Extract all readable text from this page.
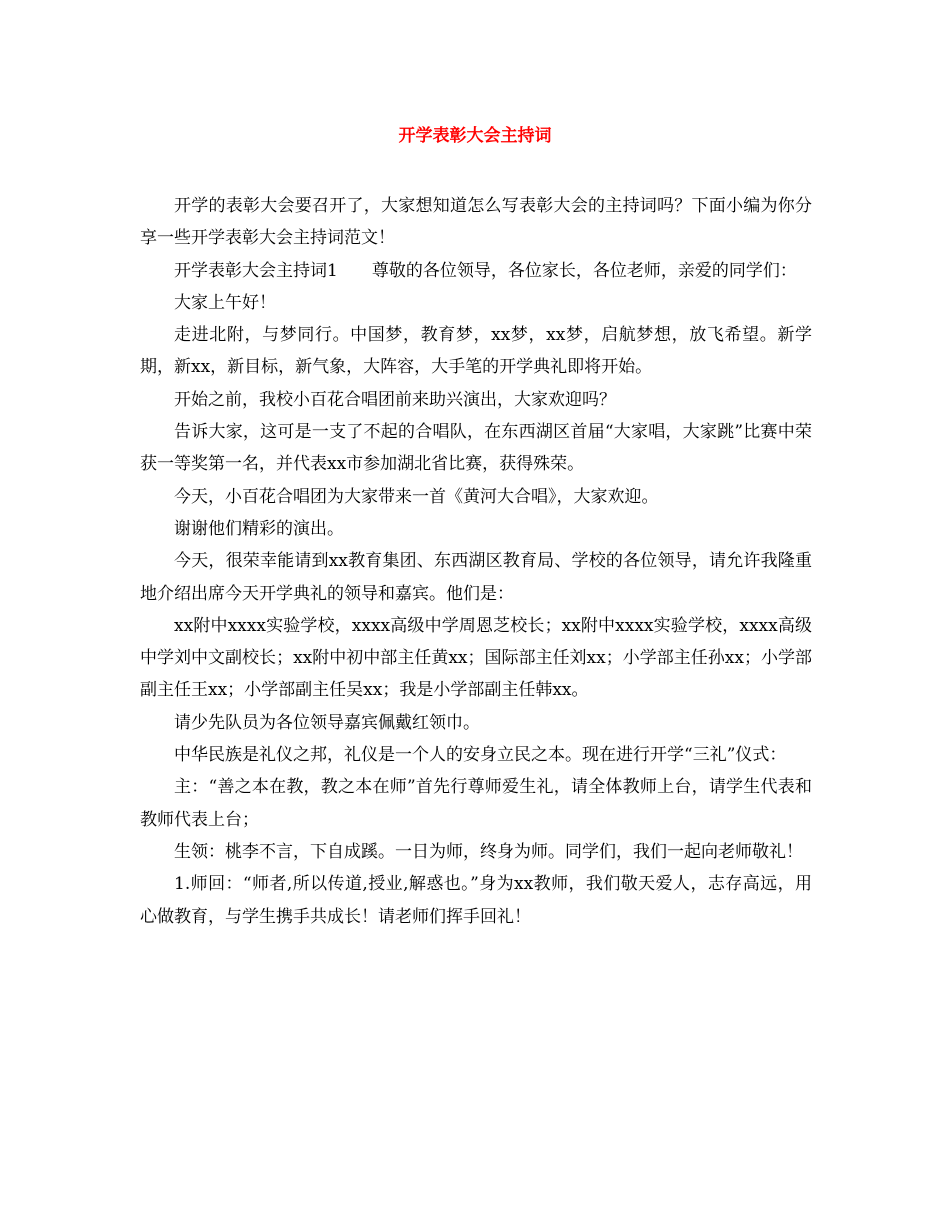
开学表彰大会主持词

开学的表彰大会要召开了，大家想知道怎么写表彰大会的主持词吗？下面小编为你分享一些开学表彰大会主持词范文！

开学表彰大会主持词1　　尊敬的各位领导，各位家长，各位老师，亲爱的同学们：

大家上午好！

走进北附，与梦同行。中国梦，教育梦，xx梦，xx梦，启航梦想，放飞希望。新学期，新xx，新目标，新气象，大阵容，大手笔的开学典礼即将开始。

开始之前，我校小百花合唱团前来助兴演出，大家欢迎吗？

告诉大家，这可是一支了不起的合唱队，在东西湖区首届“大家唱，大家跳”比赛中荣获一等奖第一名，并代表xx市参加湖北省比赛，获得殊荣。

今天，小百花合唱团为大家带来一首《黄河大合唱》，大家欢迎。

谢谢他们精彩的演出。

今天，很荣幸能请到xx教育集团、东西湖区教育局、学校的各位领导，请允许我隆重地介绍出席今天开学典礼的领导和嘉宾。他们是：

xx附中xxxx实验学校，xxxx高级中学周恩芝校长；xx附中xxxx实验学校，xxxx高级中学刘中文副校长；xx附中初中部主任黄xx；国际部主任刘xx；小学部主任孙xx；小学部副主任王xx；小学部副主任吴xx；我是小学部副主任韩xx。

请少先队员为各位领导嘉宾佩戴红领巾。

中华民族是礼仪之邦，礼仪是一个人的安身立民之本。现在进行开学“三礼”仪式：

主：“善之本在教，教之本在师”首先行尊师爱生礼，请全体教师上台，请学生代表和教师代表上台；

生领：桃李不言，下自成蹊。一日为师，终身为师。同学们，我们一起向老师敬礼！

1.师回：“师者,所以传道,授业,解惑也。”身为xx教师，我们敬天爱人，志存高远，用心做教育，与学生携手共成长！请老师们挥手回礼！
